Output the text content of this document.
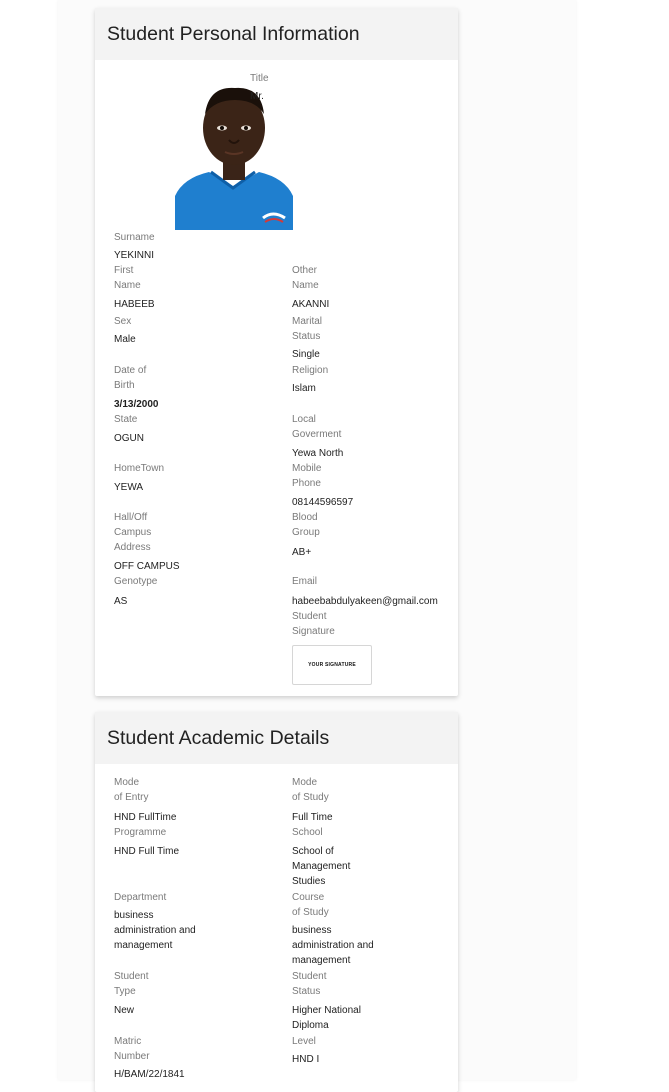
Student Personal Information
Title
Mr.
Surname
YEKINNI
First
Name
HABEEB
Other
Name
AKANNI
Sex
Male
Marital
Status
Single
Date of
Birth
3/13/2000
Religion
Islam
State
OGUN
Local
Goverment
Yewa North
HomeTown
YEWA
Mobile
Phone
08144596597
Hall/Off
Campus
Address
OFF CAMPUS
Blood
Group
AB+
Genotype
AS
Email
habeebabdulyakeen@gmail.com
Student
Signature
YOUR SIGNATURE
Student Academic Details
Mode
of Entry
HND FullTime
Mode
of Study
Full Time
Programme
HND Full Time
School
School of
Management
Studies
Department
business
administration and
management
Course
of Study
business
administration and
management
Student
Type
New
Student
Status
Higher National
Diploma
Matric
Number
H/BAM/22/1841
Level
HND I
